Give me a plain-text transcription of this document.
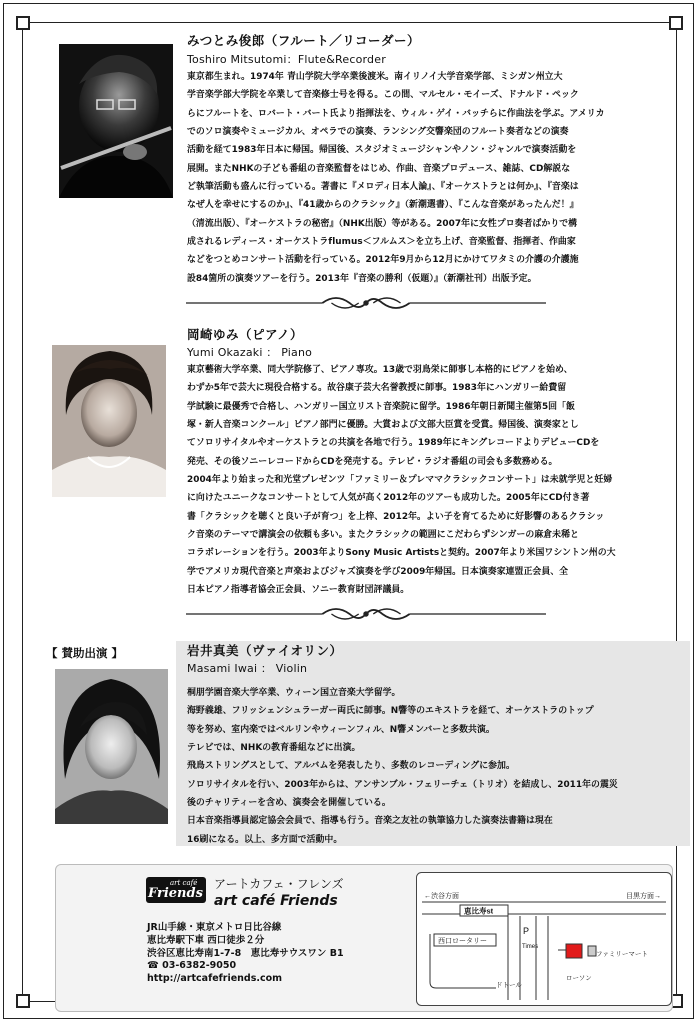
みつとみ俊郎（フルート／リコーダー）
Toshiro Mitsutomi：Flute&Recorder

東京都生まれ。1974年 青山学院大学卒業後渡米。南イリノイ大学音楽学部、ミシガン州立大

学音楽学部大学院を卒業して音楽修士号を得る。この間、マルセル・モイーズ、ドナルド・ペック

らにフルートを、ロバート・バート氏より指揮法を、ウィル・ゲイ・バッチらに作曲法を学ぶ。アメリカ

でのソロ演奏やミュージカル、オペラでの演奏、ランシング交響楽団のフルート奏者などの演奏

活動を経て1983年日本に帰国。帰国後、スタジオミュージシャンやノン・ジャンルで演奏活動を

展開。またNHKの子ども番組の音楽監督をはじめ、作曲、音楽プロデュース、雑誌、CD解説な

ど執筆活動も盛んに行っている。著書に『メロディ日本人論』、『オーケストラとは何か』、『音楽は

なぜ人を幸せにするのか』、『41歳からのクラシック』（新潮選書）、『こんな音楽があったんだ！』

（清流出版）、『オーケストラの秘密』（NHK出版）等がある。2007年に女性プロ奏者ばかりで構

成されるレディース・オーケストラflumus＜フルムス＞を立ち上げ、音楽監督、指揮者、作曲家

などをつとめコンサート活動を行っている。2012年9月から12月にかけてワタミの介護の介護施

設84箇所の演奏ツアーを行う。2013年『音楽の勝利（仮題）』（新潮社刊）出版予定。

岡崎ゆみ（ピアノ）
Yumi Okazaki ： Piano

東京藝術大学卒業、同大学院修了、ピアノ専攻。13歳で羽鳥栄に師事し本格的にピアノを始め、

わずか5年で芸大に現役合格する。故谷康子芸大名誉教授に師事。1983年にハンガリー給費留

学試験に最優秀で合格し、ハンガリー国立リスト音楽院に留学。1986年朝日新聞主催第5回「飯

塚・新人音楽コンクール」ピアノ部門に優勝。大賞および文部大臣賞を受賞。帰国後、演奏家とし

てソロリサイタルやオーケストラとの共演を各地で行う。1989年にキングレコードよりデビューCDを

発売、その後ソニーレコードからCDを発売する。テレビ・ラジオ番組の司会も多数務める。

2004年より始まった和光堂プレゼンツ「ファミリー＆プレママクラシックコンサート」は未就学児と妊婦

に向けたユニークなコンサートとして人気が高く2012年のツアーも成功した。2005年にCD付き著

書「クラシックを聴くと良い子が育つ」を上梓、2012年。よい子を育てるために好影響のあるクラシッ

ク音楽のテーマで講演会の依頼も多い。またクラシックの範囲にこだわらずシンガーの麻倉未稀と

コラボレーションを行う。2003年よりSony Music Artistsと契約。2007年より米国ワシントン州の大

学でアメリカ現代音楽と声楽およびジャズ演奏を学び2009年帰国。日本演奏家連盟正会員、全

日本ピアノ指導者協会正会員、ソニー教育財団評議員。

【 賛助出演 】	岩井真美（ヴァイオリン）
Masami Iwai ： Violin

桐朋学園音楽大学卒業、ウィーン国立音楽大学留学。

海野義雄、フリッシェンシュラーガー両氏に師事。N響等のエキストラを経て、オーケストラのトップ

等を努め、室内楽ではベルリンやウィーンフィル、N響メンバーと多数共演。

テレビでは、NHKの教育番組などに出演。

飛鳥ストリングスとして、アルバムを発表したり、多数のレコーディングに参加。

ソロリサイタルを行い、2003年からは、アンサンブル・フェリーチェ（トリオ）を結成し、2011年の震災

後のチャリティーを含め、演奏会を開催している。

日本音楽指導員認定協会会員で、指導も行う。音楽之友社の執筆協力した演奏法書籍は現在

16刷になる。以上、多方面で活動中。

art café
Friends
アートカフェ・フレンズ
art café Friends
JR山手線・東京メトロ日比谷線
恵比寿駅下車 西口徒歩２分
渋谷区恵比寿南1-7-8　恵比寿サウスワン B1
☎ 03-6382-9050
http://artcafefriends.com
←渋谷方面	目黒方面→
恵比寿st
西口ロータリー
P
Times
ファミリーマート
ドトール
ローソン
